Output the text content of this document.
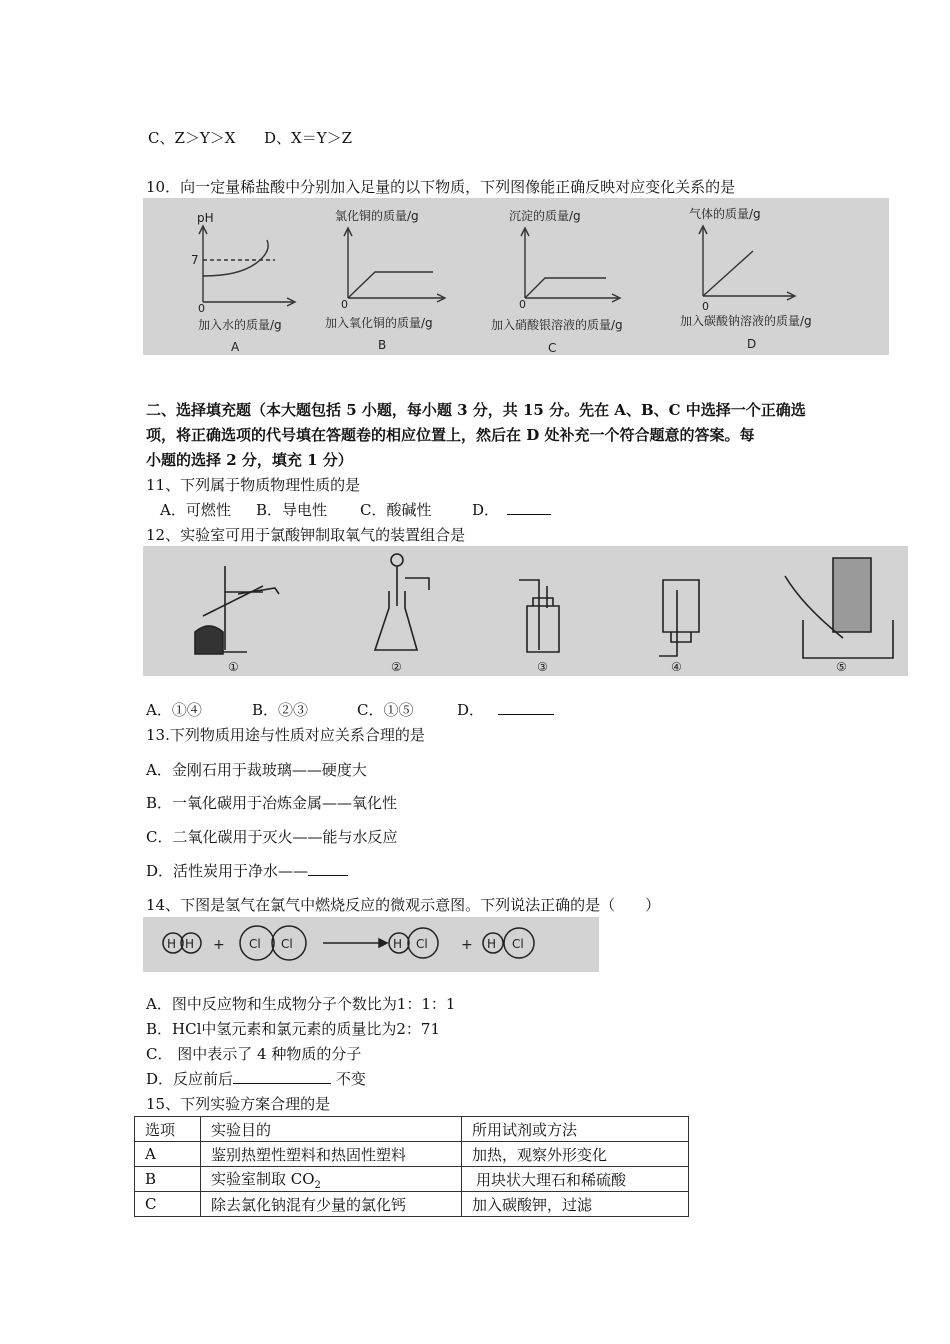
C、Z＞Y＞X D、X＝Y＞Z
10．向一定量稀盐酸中分别加入足量的以下物质，下列图像能正确反映对应变化关系的是
pH
7
0
加入水的质量/g
A
氯化铜的质量/g
0
加入氧化铜的质量/g
B
沉淀的质量/g
0
加入硝酸银溶液的质量/g
C
气体的质量/g
0
加入碳酸钠溶液的质量/g
D
二、选择填充题（本大题包括 5 小题，每小题 3 分，共 15 分。先在 A、B、C 中选择一个正确选
项，将正确选项的代号填在答题卷的相应位置上，然后在 D 处补充一个符合题意的答案。每
小题的选择 2 分，填充 1 分）
11、下列属于物质物理性质的是
A．可燃性 B．导电性 C．酸碱性	D．
12、实验室可用于氯酸钾制取氧气的装置组合是
①	②	③	④	⑤
A．①④	B．②③	C．①⑤	D．
13.下列物质用途与性质对应关系合理的是
A．金刚石用于裁玻璃——硬度大
B．一氧化碳用于冶炼金属——氧化性
C．二氧化碳用于灭火——能与水反应
D．活性炭用于净水——
14、下图是氢气在氯气中燃烧反应的微观示意图。下列说法正确的是（　　）
H H + Cl Cl	H Cl + H Cl
A．图中反应物和生成物分子个数比为1：1：1
B．HCl中氢元素和氯元素的质量比为2：71
C． 图中表示了 4 种物质的分子
D．反应前后	不变
15、下列实验方案合理的是
选项	实验目的	所用试剂或方法
A	鉴别热塑性塑料和热固性塑料	加热，观察外形变化
B	实验室制取 $CO_2$	用块状大理石和稀硫酸
C	除去氯化钠混有少量的氯化钙	加入碳酸钾，过滤
